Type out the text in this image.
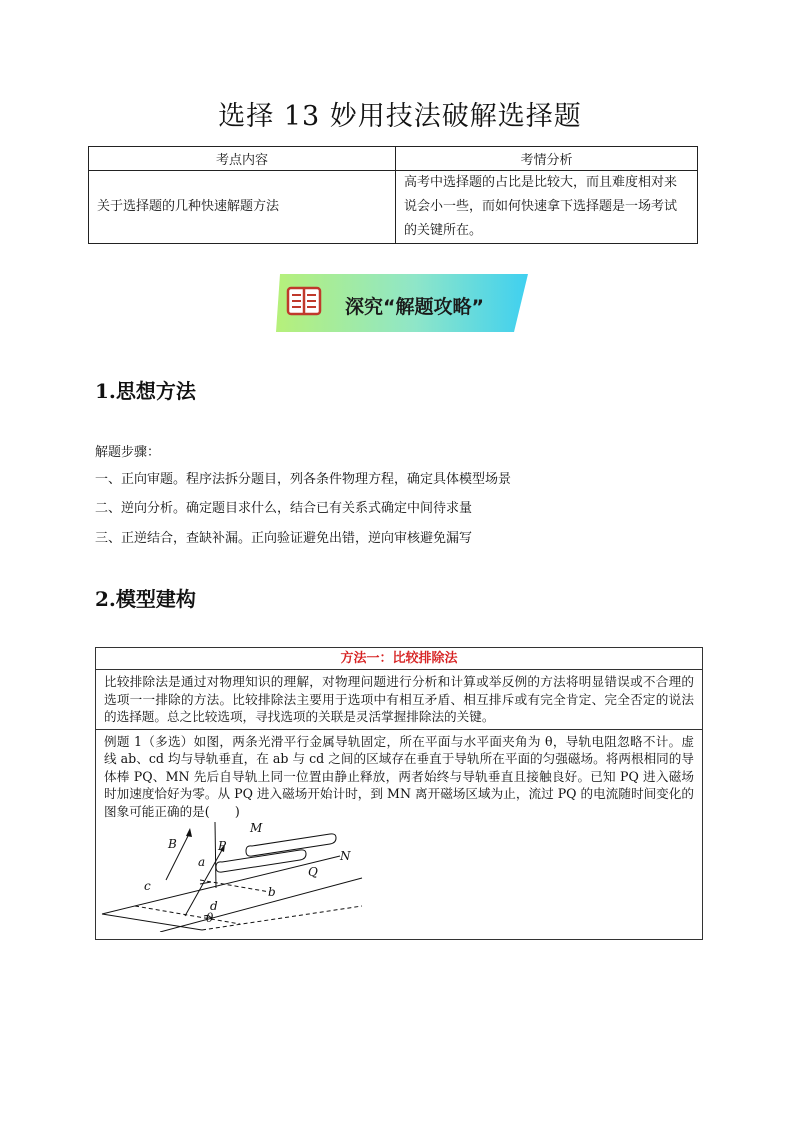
选择 13 妙用技法破解选择题
考点内容	考情分析
关于选择题的几种快速解题方法	高考中选择题的占比是比较大，而且难度相对来说会小一些，而如何快速拿下选择题是一场考试的关键所在。
深究“解题攻略”
1.思想方法
解题步骤：
一、正向审题。程序法拆分题目，列各条件物理方程，确定具体模型场景
二、逆向分析。确定题目求什么，结合已有关系式确定中间待求量
三、正逆结合，查缺补漏。正向验证避免出错，逆向审核避免漏写
2.模型建构
方法一：比较排除法
比较排除法是通过对物理知识的理解，对物理问题进行分析和计算或举反例的方法将明显错误或不合理的选项一一排除的方法。比较排除法主要用于选项中有相互矛盾、相互排斥或有完全肯定、完全否定的说法的选择题。总之比较选项，寻找选项的关联是灵活掌握排除法的关键。
例题 1（多选）如图，两条光滑平行金属导轨固定，所在平面与水平面夹角为 θ，导轨电阻忽略不计。虚线 ab、cd 均与导轨垂直，在 ab 与 cd 之间的区域存在垂直于导轨所在平面的匀强磁场。将两根相同的导体棒 PQ、MN 先后自导轨上同一位置由静止释放，两者始终与导轨垂直且接触良好。已知 PQ 进入磁场时加速度恰好为零。从 PQ 进入磁场开始计时，到 MN 离开磁场区域为止，流过 PQ 的电流随时间变化的图象可能正确的是(　　)
B
a
P
M
N
Q
c	b
d
θ
